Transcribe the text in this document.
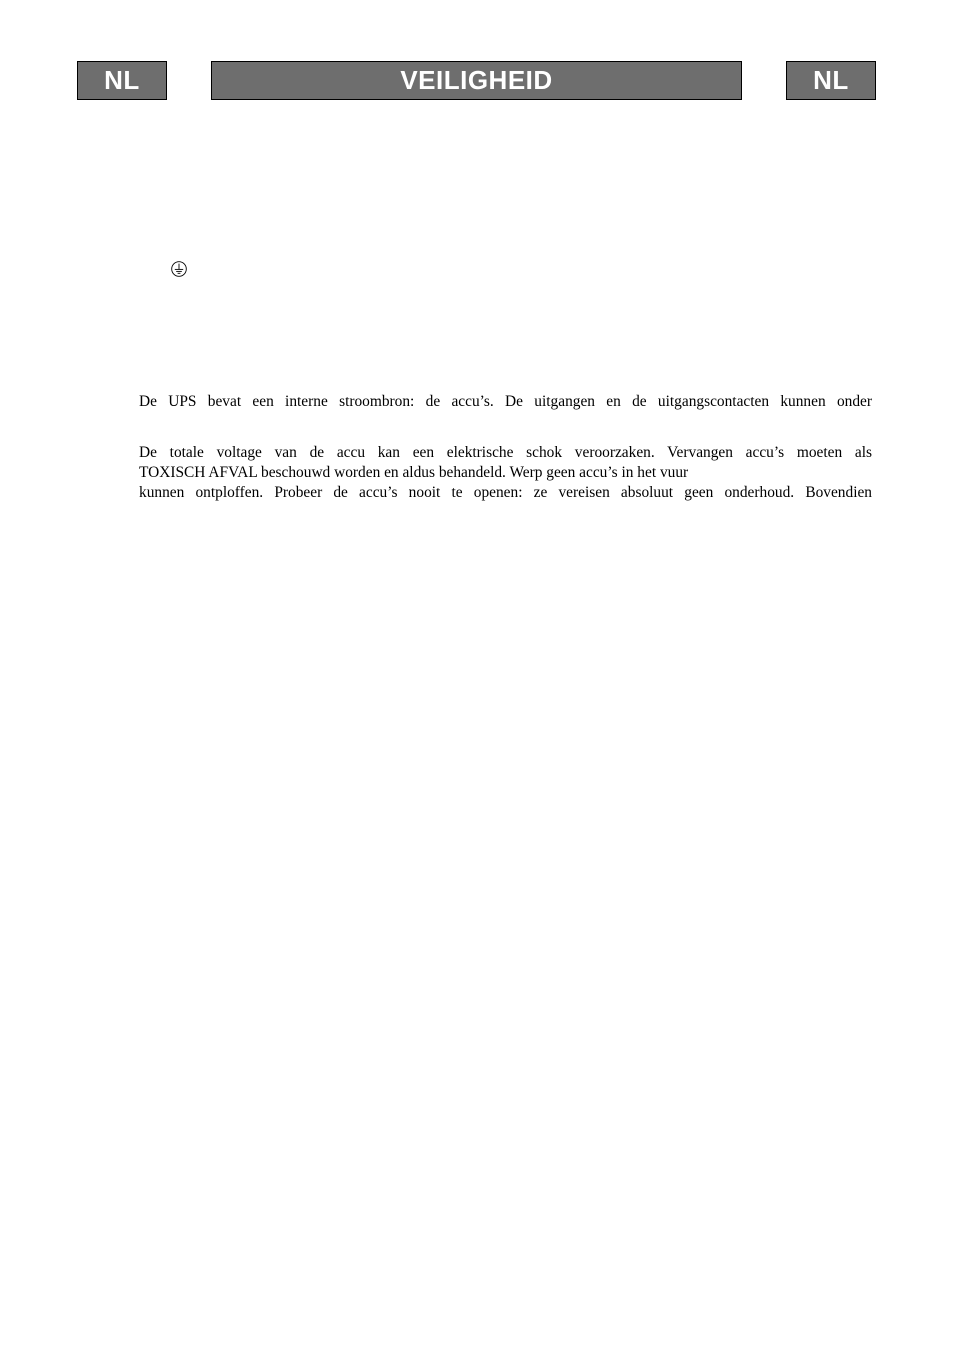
NL	VEILIGHEID	NL

De UPS bevat een interne stroombron: de accu’s. De uitgangen en de uitgangscontacten kunnen onder

De totale voltage van de accu kan een elektrische schok veroorzaken. Vervangen accu’s moeten als
TOXISCH AFVAL beschouwd worden en aldus behandeld. Werp geen accu’s in het vuur
kunnen ontploffen. Probeer de accu’s nooit te openen: ze vereisen absoluut geen onderhoud. Bovendien
